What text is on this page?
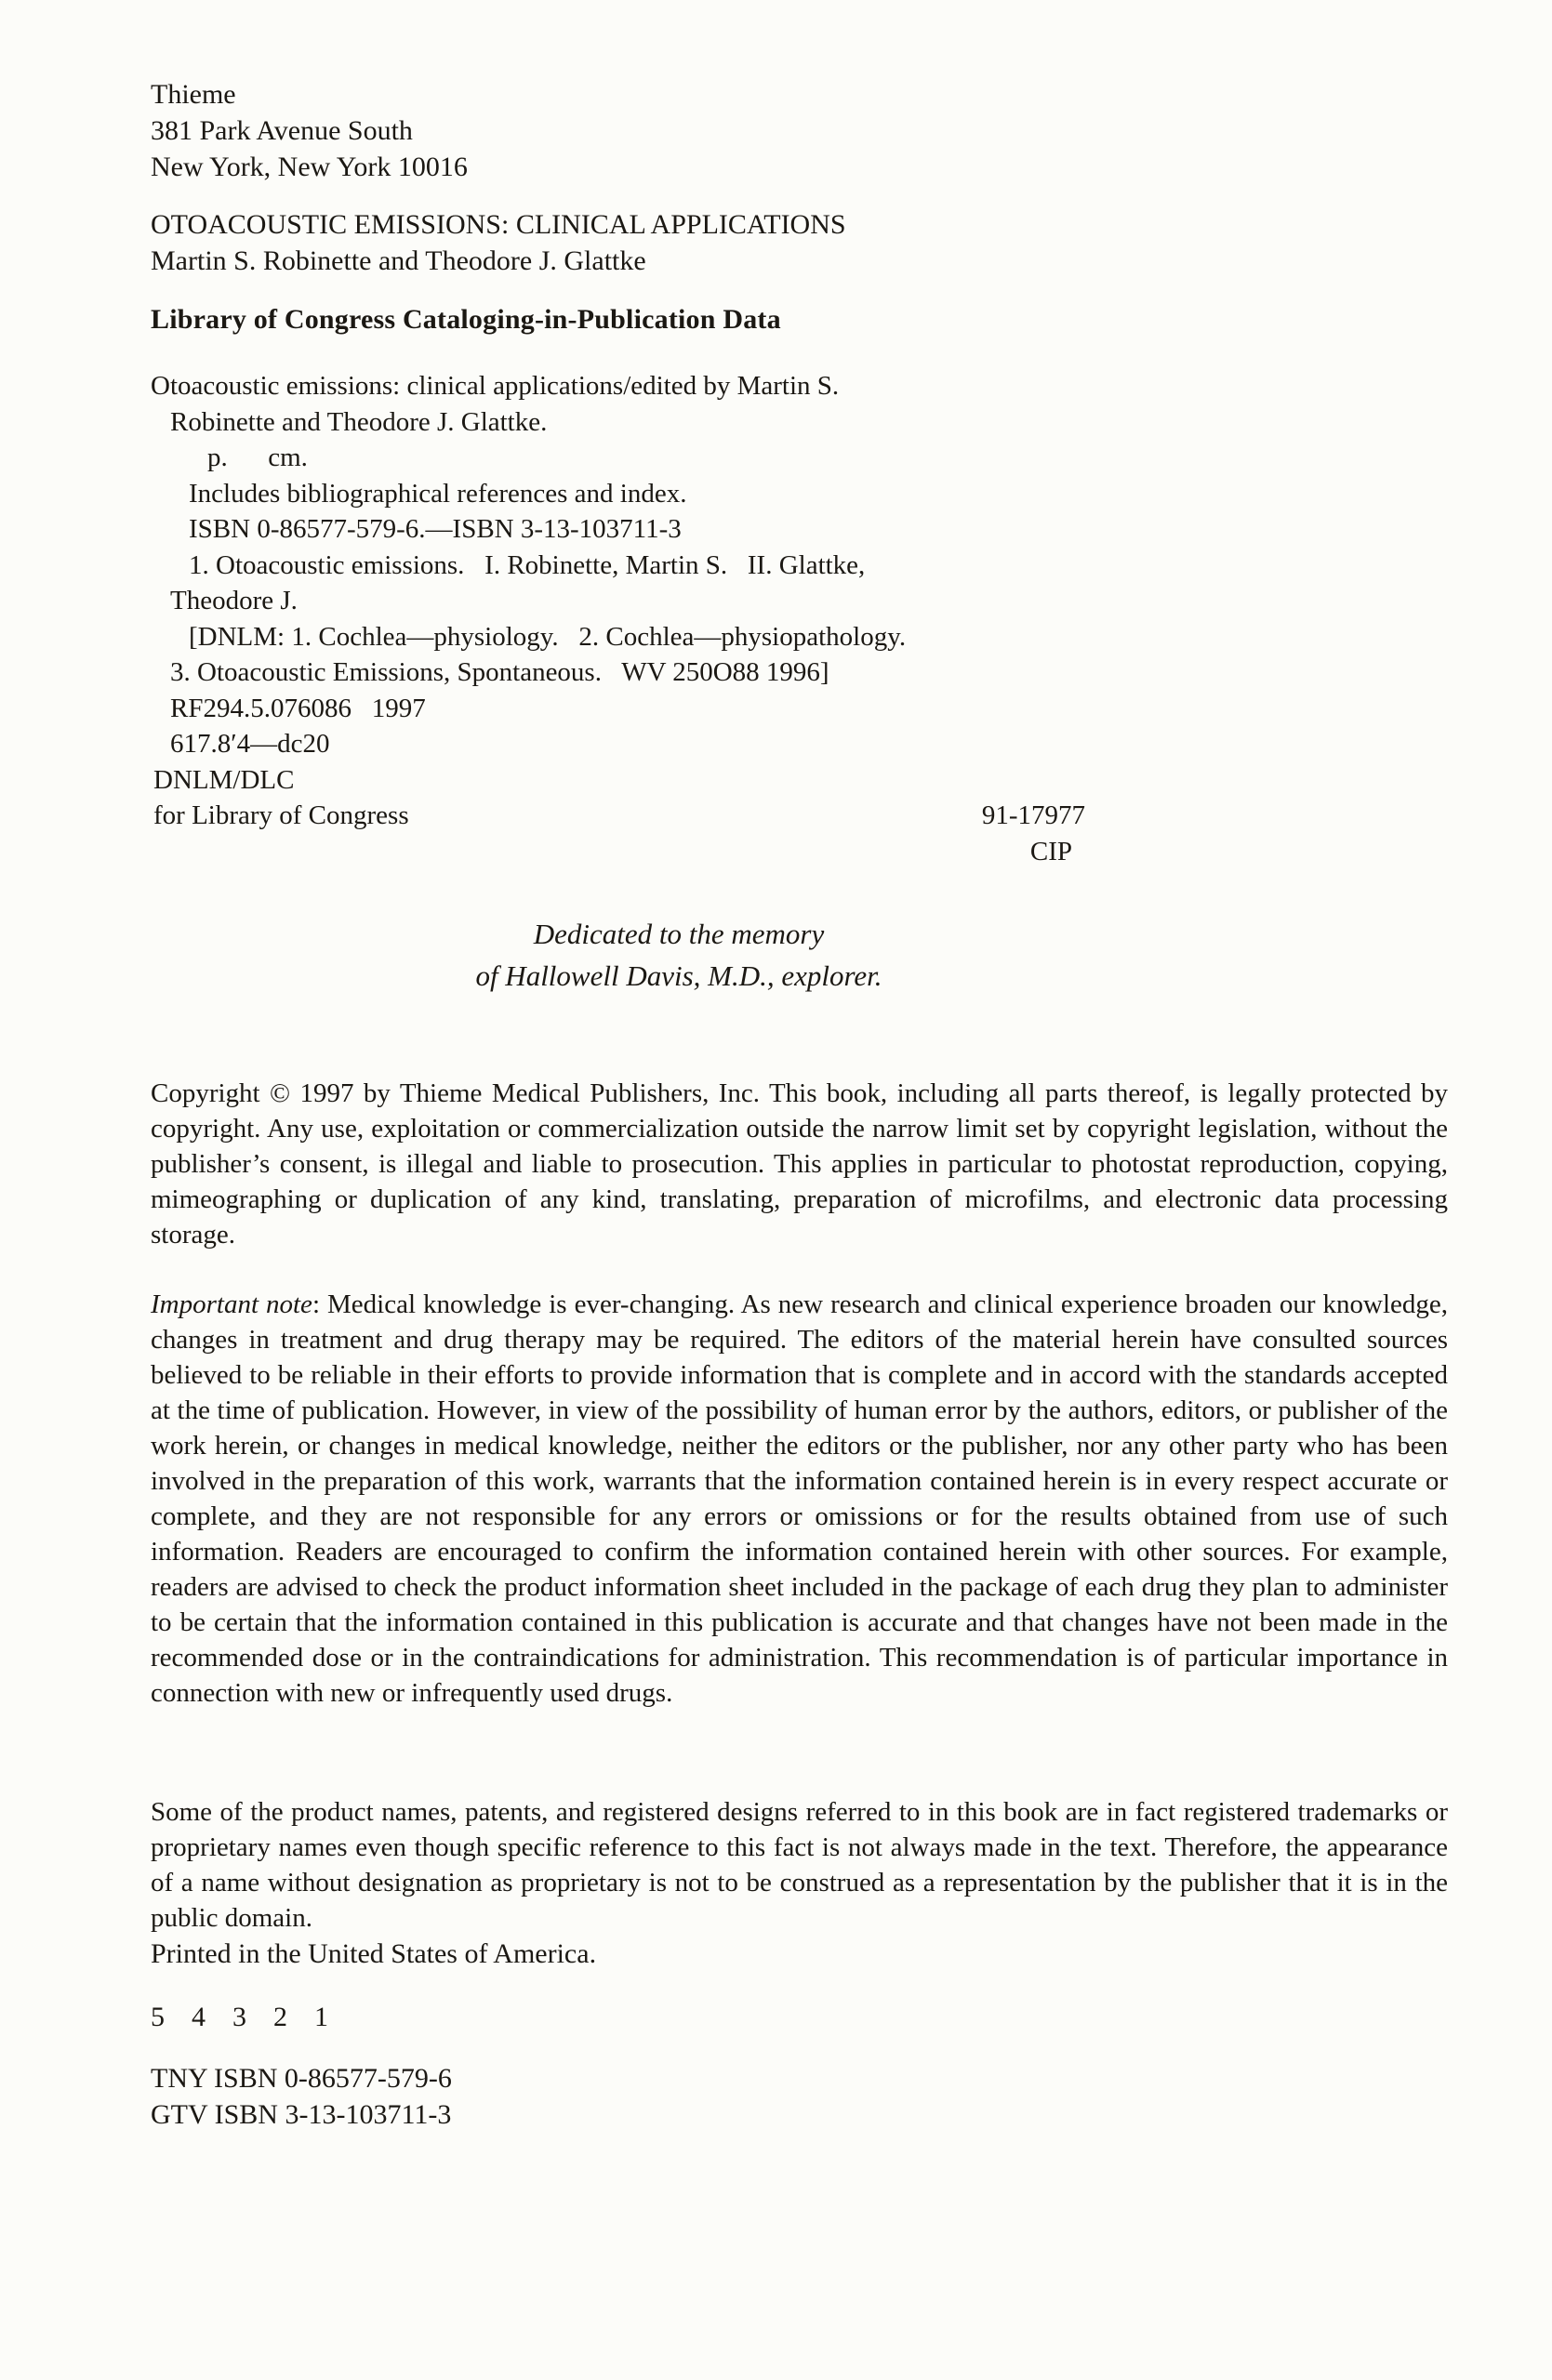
Thieme
381 Park Avenue South
New York, New York 10016
OTOACOUSTIC EMISSIONS: CLINICAL APPLICATIONS
Martin S. Robinette and Theodore J. Glattke
Library of Congress Cataloging-in-Publication Data
Otoacoustic emissions: clinical applications/edited by Martin S.
Robinette and Theodore J. Glattke.
p.      cm.
Includes bibliographical references and index.
ISBN 0-86577-579-6.—ISBN 3-13-103711-3
1. Otoacoustic emissions.   I. Robinette, Martin S.   II. Glattke,
Theodore J.
[DNLM: 1. Cochlea—physiology.   2. Cochlea—physiopathology.
3. Otoacoustic Emissions, Spontaneous.   WV 250O88 1996]
RF294.5.076086   1997
617.8′4—dc20
DNLM/DLC
for Library of Congress	91-17977
CIP
Dedicated to the memory
of Hallowell Davis, M.D., explorer.
Copyright © 1997 by Thieme Medical Publishers, Inc. This book, including all parts thereof, is legally protected by copyright. Any use, exploitation or commercialization outside the narrow limit set by copyright legislation, without the publisher’s consent, is illegal and liable to prosecution. This applies in particular to photostat reproduction, copying, mimeographing or duplication of any kind, translating, preparation of microfilms, and electronic data processing storage.
Important note: Medical knowledge is ever-changing. As new research and clinical experience broaden our knowledge, changes in treatment and drug therapy may be required. The editors of the material herein have consulted sources believed to be reliable in their efforts to provide information that is complete and in accord with the standards accepted at the time of publication. However, in view of the possibility of human error by the authors, editors, or publisher of the work herein, or changes in medical knowledge, neither the editors or the publisher, nor any other party who has been involved in the preparation of this work, warrants that the information contained herein is in every respect accurate or complete, and they are not responsible for any errors or omissions or for the results obtained from use of such information. Readers are encouraged to confirm the information contained herein with other sources. For example, readers are advised to check the product information sheet included in the package of each drug they plan to administer to be certain that the information contained in this publication is accurate and that changes have not been made in the recommended dose or in the contraindications for administration. This recommendation is of particular importance in connection with new or infrequently used drugs.
Some of the product names, patents, and registered designs referred to in this book are in fact registered trademarks or proprietary names even though specific reference to this fact is not always made in the text. Therefore, the appearance of a name without designation as proprietary is not to be construed as a representation by the publisher that it is in the public domain.
Printed in the United States of America.
5  4  3  2  1
TNY ISBN 0-86577-579-6
GTV ISBN 3-13-103711-3
